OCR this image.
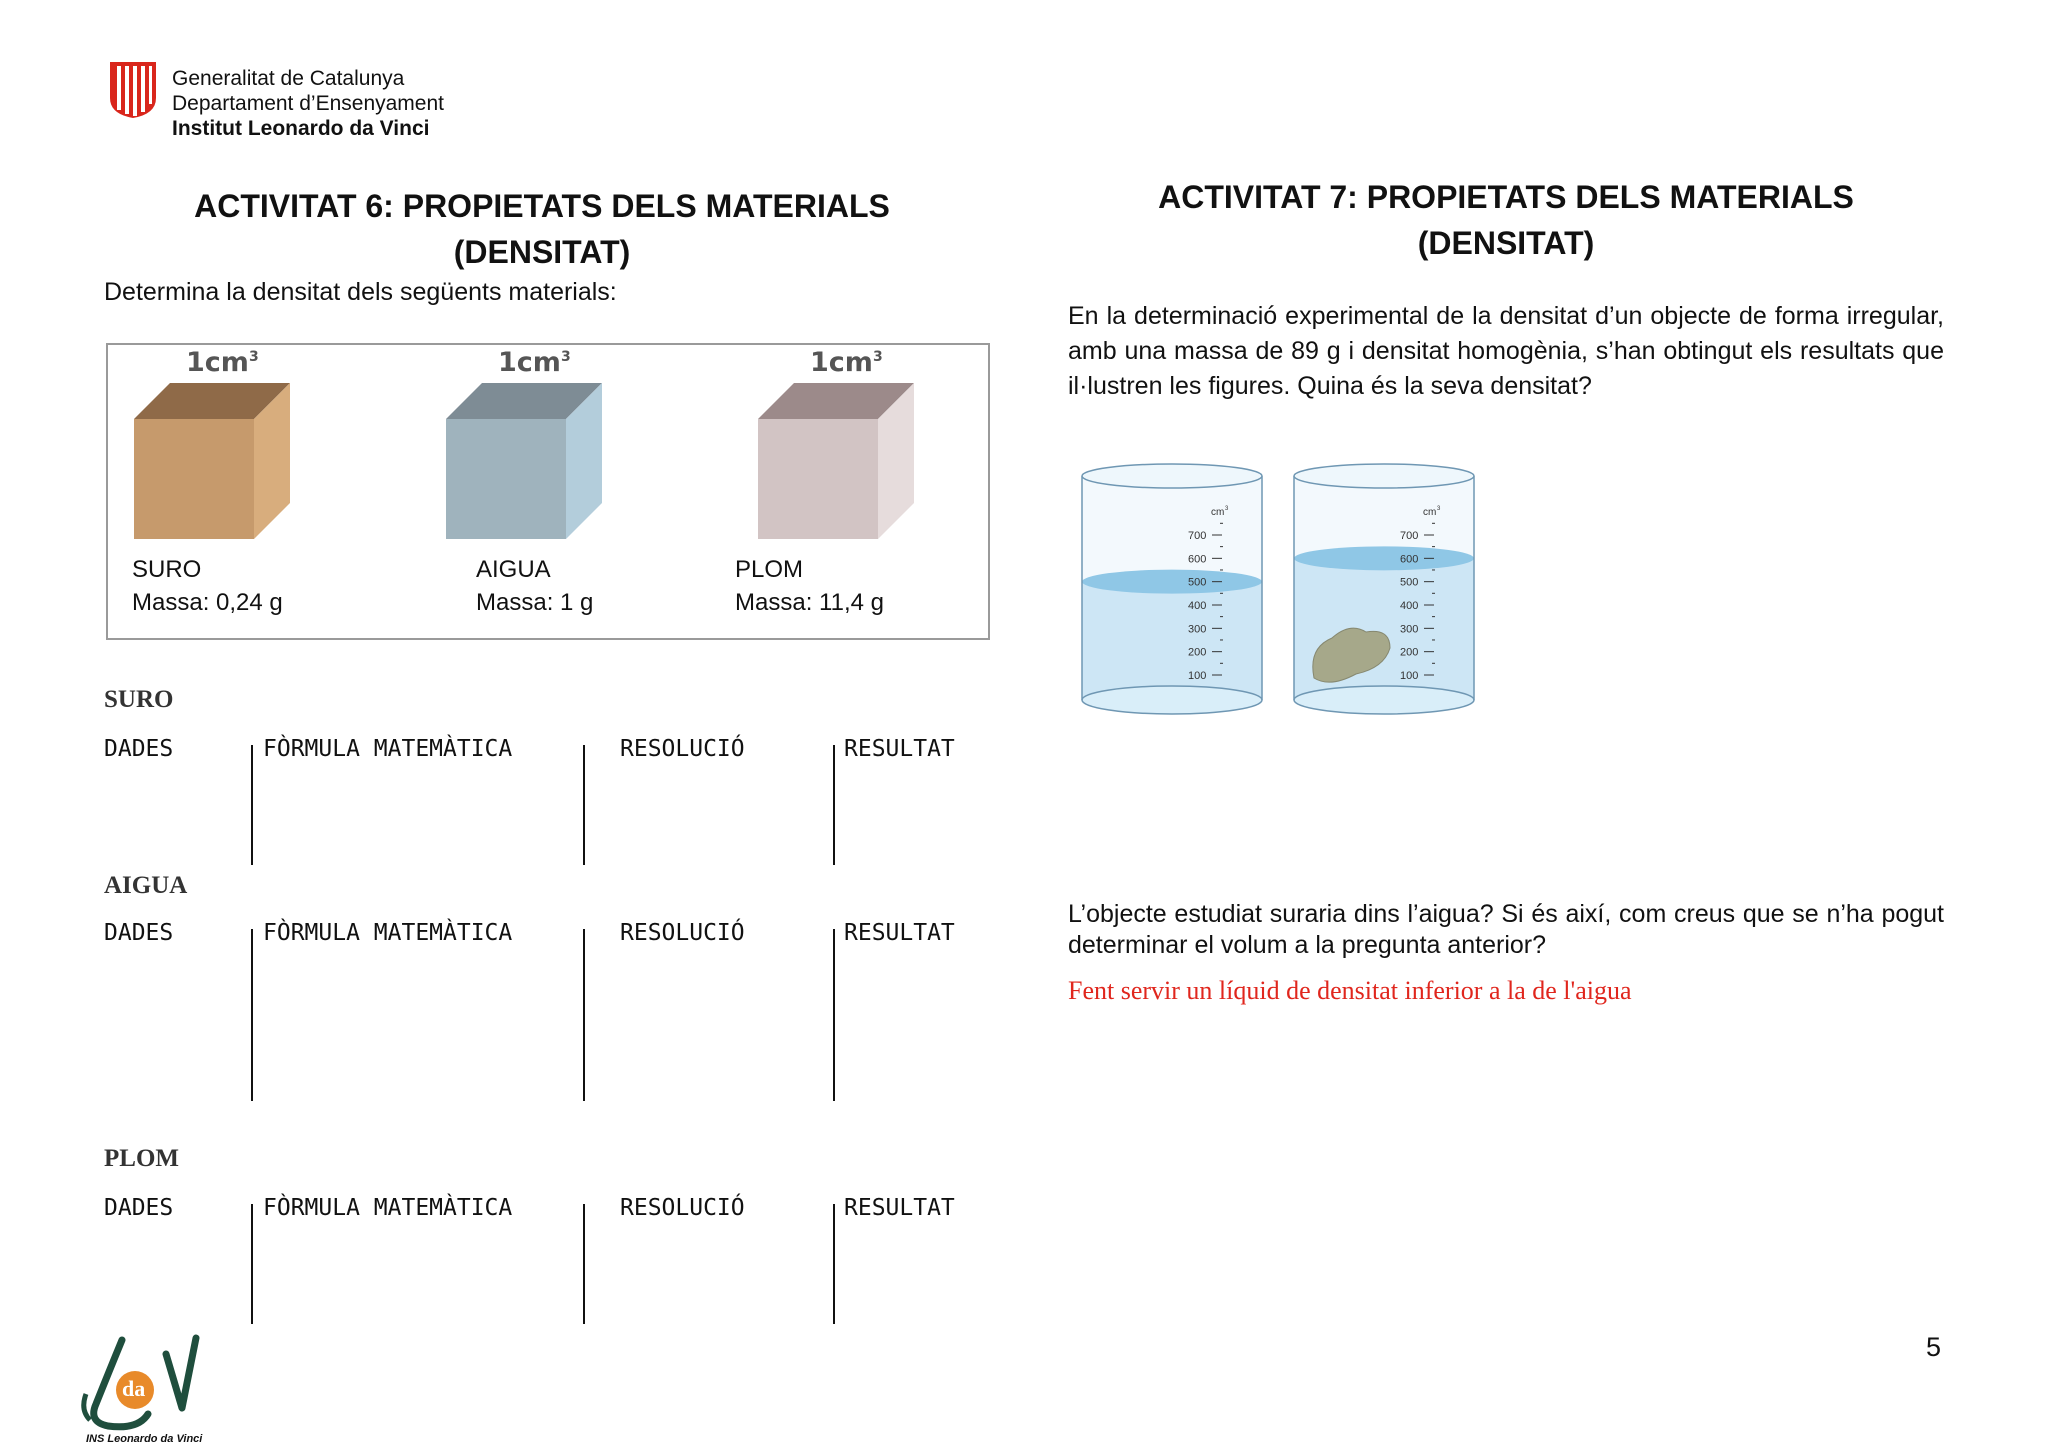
Generalitat de Catalunya
Departament d’Ensenyament
Institut Leonardo da Vinci
ACTIVITAT 6: PROPIETATS DELS MATERIALS
(DENSITAT)
Determina la densitat dels següents materials:
$1cm^3$	$1cm^3$	$1cm^3$
SURO
Massa: 0,24 g
AIGUA
Massa: 1 g
PLOM
Massa: 11,4 g
SURO
DADES	FÒRMULA MATEMÀTICA	RESOLUCIÓ	RESULTAT
AIGUA
DADES	FÒRMULA MATEMÀTICA	RESOLUCIÓ	RESULTAT
PLOM
DADES	FÒRMULA MATEMÀTICA	RESOLUCIÓ	RESULTAT
ACTIVITAT 7: PROPIETATS DELS MATERIALS
(DENSITAT)
En la determinació experimental de la densitat d’un objecte de forma irregular, amb una massa de 89 g i densitat homogènia, s’han obtingut els resultats que il·lustren les figures. Quina és la seva densitat?
cm 3
700
600
500
400
300
200
100
cm 3
700
600
500
400
300
200
100
L’objecte estudiat suraria dins l’aigua? Si és així, com creus que se n’ha pogut determinar el volum a la pregunta anterior?
Fent servir un líquid de densitat inferior a la de l'aigua
5
da
INS Leonardo da Vinci
